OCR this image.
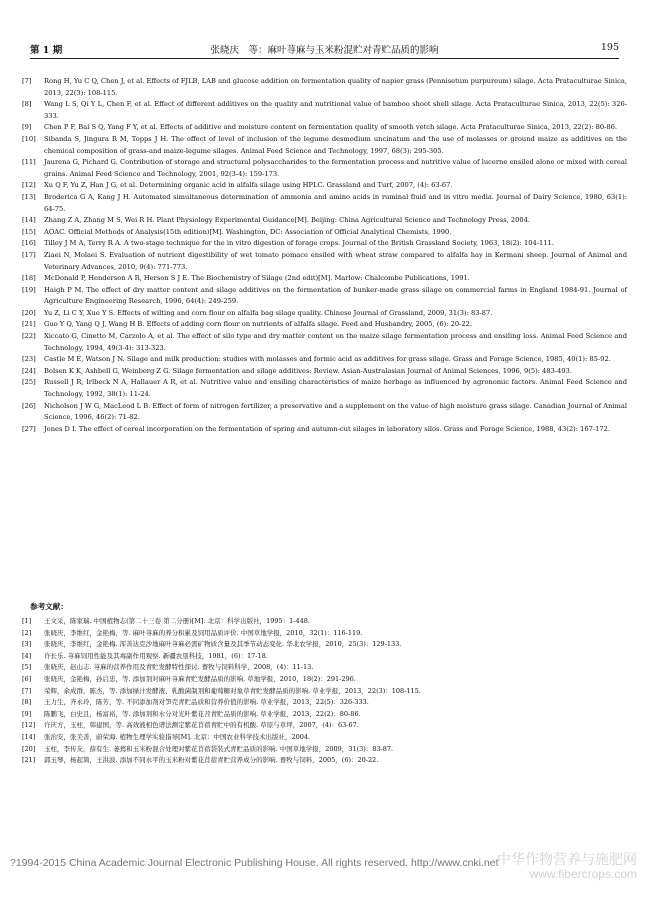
第 1 期	张晓庆　等：麻叶荨麻与玉米粉混贮对青贮品质的影响	195
[7]	Rong H, Yu C Q, Chen J, et al. Effects of FJLB, LAB and glucose addition on fermentation quality of napier grass (Pennisetum purpureum) silage. Acta Prataculturae Sinica, 2013, 22(3): 108-115.
[8]	Wang L S, Qi Y L, Chen F, et al. Effect of different additives on the quality and nutritional value of bamboo shoot shell silage. Acta Prataculturae Sinica, 2013, 22(5): 326-333.
[9]	Chen P F, Bai S Q, Yang F Y, et al. Effects of additive and moisture content on fermentation quality of smooth vetch silage. Acta Prataculturae Sinica, 2013, 22(2): 80-86.
[10]	Sibanda S, Jingura R M, Topps J H. The effect of level of inclusion of the legume desmodium uncinatum and the use of molasses or ground maize as additives on the chemical composition of grass-and maize-legume silages. Animal Feed Science and Technology, 1997, 68(3): 295-305.
[11]	Jaurena G, Pichard G. Contribution of storage and structural polysaccharides to the fermentation process and nutritive value of lucerne ensiled alone or mixed with cereal grains. Animal Feed Science and Technology, 2001, 92(3-4): 159-173.
[12]	Xu Q F, Yu Z, Han J G, et al. Determining organic acid in alfalfa silage using HPLC. Grassland and Turf, 2007, (4): 63-67.
[13]	Broderica G A, Kang J H. Automated simultaneous determination of ammonia and amino acids in ruminal fluid and in vitro media. Journal of Dairy Science, 1980, 63(1): 64-75.
[14]	Zhang Z A, Zhang M S, Wei R H. Plant Physiology Experimental Guidance[M]. Beijing: China Agricultural Science and Technology Press, 2004.
[15]	AOAC. Official Methods of Analysis(15th edition)[M]. Washington, DC: Association of Official Analytical Chemists, 1990.
[16]	Tilley J M A, Terry R A. A two-stage technique for the in vitro digestion of forage crops. Journal of the British Grassland Society, 1963, 18(2): 104-111.
[17]	Ziaei N, Molaei S. Evaluation of nutrient digestibility of wet tomato pomace ensiled with wheat straw compared to alfalfa hay in Kermani sheep. Journal of Animal and Veterinary Advances, 2010, 9(4): 771-773.
[18]	McDonald P, Henderson A R, Herson S J E. The Biochemistry of Silage (2nd edit)[M]. Marlow: Chalcombe Publications, 1991.
[19]	Haigh P M. The effect of dry matter content and silage additives on the fermentation of bunker-made grass silage on commercial farms in England 1984-91. Journal of Agriculture Engineering Research, 1996, 64(4): 249-259.
[20]	Yu Z, Li C Y, Xue Y S. Effects of wilting and corn flour on alfalfa bag silage quality. Chinese Journal of Grassland, 2009, 31(3): 83-87.
[21]	Guo Y Q, Yang Q J, Wang H B. Effects of adding corn flour on nutrients of alfalfa silage. Feed and Husbandry, 2005, (6): 20-22.
[22]	Xiccato G, Cinetto M, Carzolo A, et al. The effect of silo type and dry matter content on the maize silage fermentation process and ensiling loss. Animal Feed Science and Technology, 1994, 49(3-4): 313-323.
[23]	Castle M E, Watson J N. Silage and milk production: studies with molasses and formic acid as additives for grass silage. Grass and Forage Science, 1985, 40(1): 85-92.
[24]	Bolsen K K, Ashbell G, Weinberg Z G. Silage fermentation and silage additives: Review. Asian-Australasian Journal of Animal Sciences, 1996, 9(5): 483-493.
[25]	Russell J R, Irlbeck N A, Hallauer A R, et al. Nutritive value and ensiling characteristics of maize herbage as influenced by agronomic factors. Animal Feed Science and Technology, 1992, 38(1): 11-24.
[26]	Nicholson J W G, MacLeod L B. Effect of form of nitrogen fertilizer, a preservative and a supplement on the value of high moisture grass silage. Canadian Journal of Animal Science, 1996, 46(2): 71-82.
[27]	Jones D I. The effect of cereal incorporation on the fermentation of spring and autumn-cut silages in laboratory silos. Grass and Forage Science, 1988, 43(2): 167-172.
参考文献：
[1]	王文采，陈家瑞. 中国植物志(第二十三卷 第二分册)[M]. 北京：科学出版社，1995：1-448.
[2]	张晓庆，李维红，金艳梅，等. 麻叶荨麻的养分积累及饲用品质评价. 中国草地学报，2010，32(1)：116-119.
[3]	张晓庆，李维红，金艳梅. 浑善达克沙地麻叶荨麻必需矿物质含量及其季节动态变化. 华北农学报，2010，25(3)：129-133.
[4]	许长乐. 荨麻饲用性能及其毒副作用观察. 新疆农垦科技，1981，(6)：17-18.
[5]	张晓庆，赵山志. 荨麻的营养作用及青贮发酵特性探讨. 畜牧与饲料科学，2008，(4)：11-13.
[6]	张晓庆，金艳梅，孙启忠，等. 添加剂对麻叶荨麻青贮发酵品质的影响. 草地学报，2010，18(2)：291-296.
[7]	荣辉，余成群，陈杰，等. 添加绿汁发酵液、乳酸菌制剂和葡萄糖对象草青贮发酵品质的影响. 草业学报，2013，22(3)：108-115.
[8]	王力生，齐永玲，陈芳，等. 不同添加剂对笋壳青贮品质和营养价值的影响. 草业学报，2013，22(5)：326-333.
[9]	陈鹏飞，白史且，杨富裕，等. 添加剂和水分对光叶紫花苕青贮品质的影响. 草业学报，2013，22(2)：80-86.
[12]	许庆方，玉柱，韩建国，等. 高效液相色谱法测定紫花苜蓿青贮中的有机酸. 草原与草坪，2007，(4)：63-67.
[14]	张治安，张美善，蔚荣海. 植物生理学实验指导[M]. 北京：中国农业科学技术出版社，2004.
[20]	玉柱，李传友，薛有生. 萎蔫和玉米粉混合处理对紫花苜蓿袋装式青贮品质的影响. 中国草地学报，2009，31(3)：83-87.
[21]	郭玉琴，杨起简，王洪波. 添加不同水平的玉米粉对紫花苜蓿青贮营养成分的影响. 畜牧与饲料，2005，(6)：20-22.
?1994-2015 China Academic Journal Electronic Publishing House. All rights reserved. http://www.cnki.net
中华作物营养与施肥网
www.fibercrops.com
